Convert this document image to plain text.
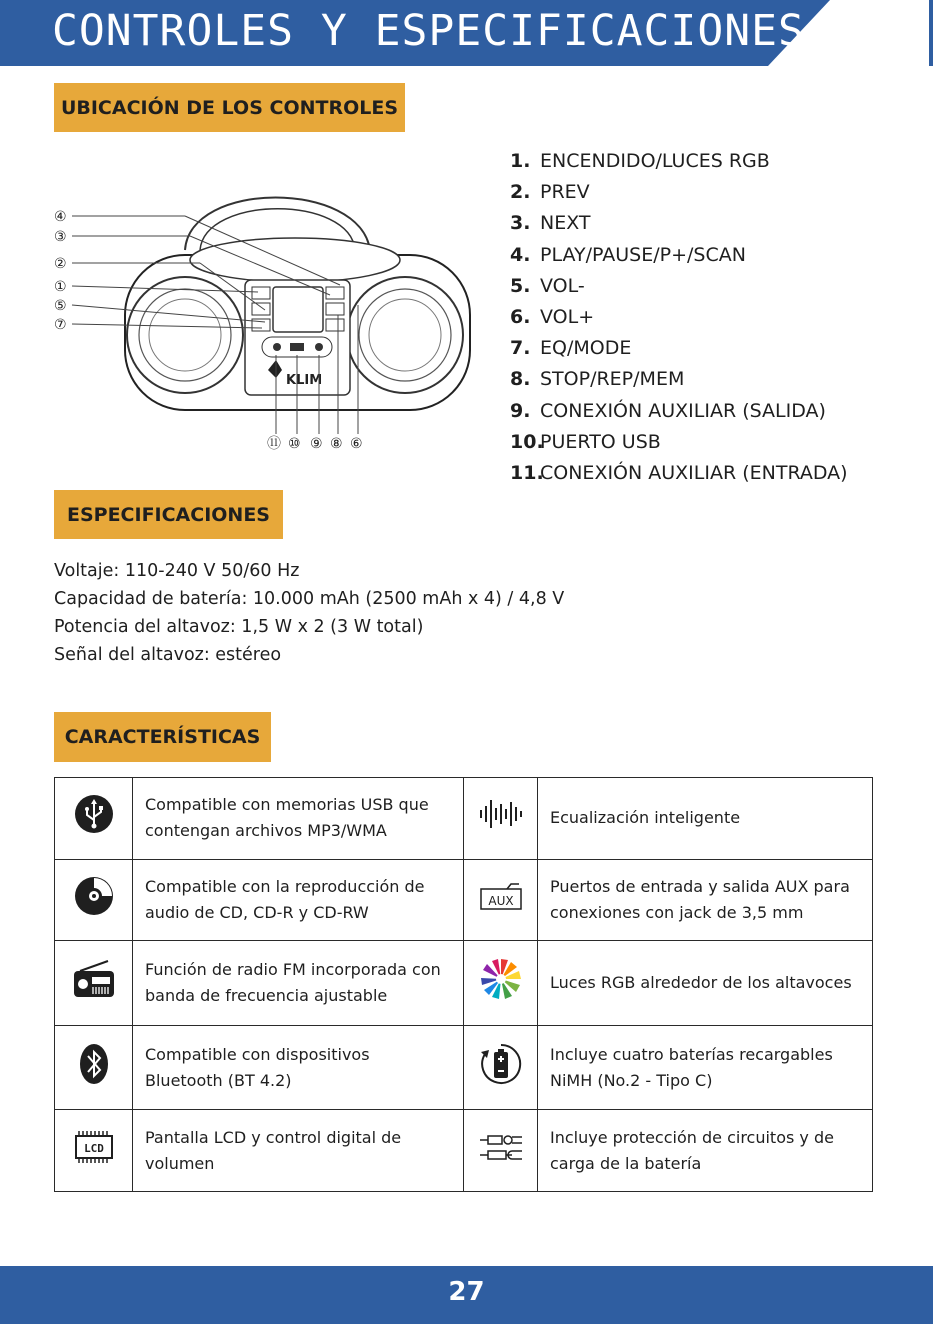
CONTROLES Y ESPECIFICACIONES
UBICACIÓN DE LOS CONTROLES
KLIM
④
③
②
①
⑤
⑦
⑪ ⑩ ⑨ ⑧ ⑥
1. ENCENDIDO/LUCES RGB
2. PREV
3. NEXT
4. PLAY/PAUSE/P+/SCAN
5. VOL-
6. VOL+
7. EQ/MODE
8. STOP/REP/MEM
9. CONEXIÓN AUXILIAR (SALIDA)
10.
PUERTO USB
11.
CONEXIÓN AUXILIAR (ENTRADA)
ESPECIFICACIONES
Voltaje: 110-240 V 50/60 Hz
Capacidad de batería: 10.000 mAh (2500 mAh x 4) / 4,8 V
Potencia del altavoz: 1,5 W x 2 (3 W total)
Señal del altavoz: estéreo
CARACTERÍSTICAS
	Compatible con memorias USB que contengan archivos MP3/WMA		Ecualización inteligente
	Compatible con la reproducción de audio de CD, CD-R y CD-RW	AUX	Puertos de entrada y salida AUX para conexiones con jack de 3,5 mm
	Función de radio FM incorporada con banda de frecuencia ajustable		Luces RGB alrededor de los altavoces
	Compatible con dispositivos Bluetooth (BT 4.2)		Incluye cuatro baterías recargables NiMH (No.2 - Tipo C)

LCD	Pantalla LCD y control digital de volumen		Incluye protección de circuitos y de carga de la batería
27
